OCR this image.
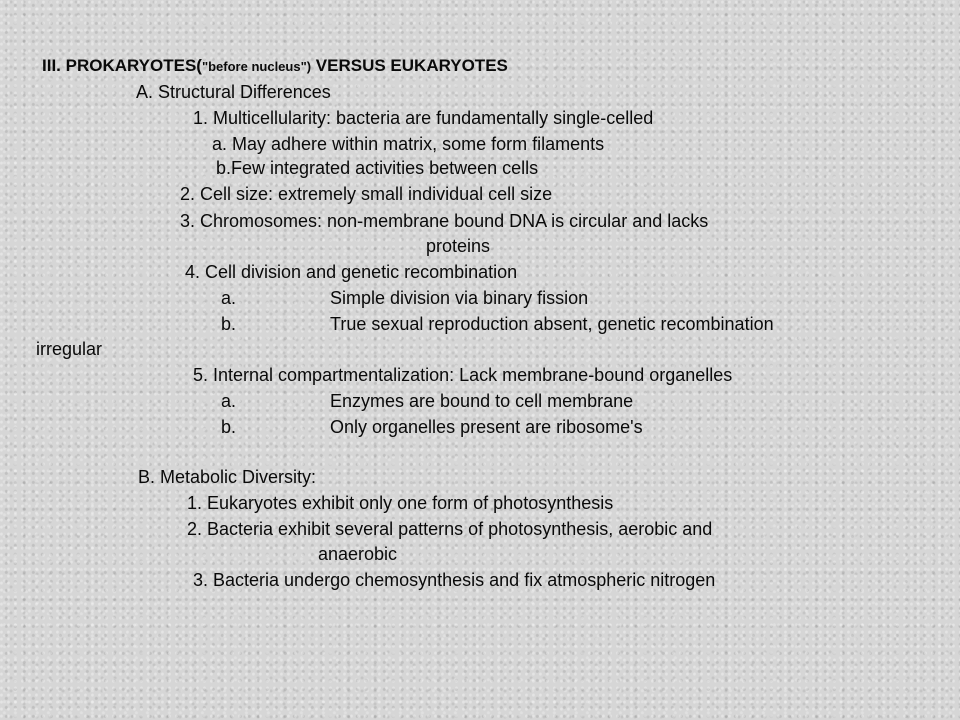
III. PROKARYOTES("before nucleus") VERSUS EUKARYOTES
A. Structural Differences
1. Multicellularity: bacteria are fundamentally single-celled
a. May adhere within matrix, some form filaments
b.Few integrated activities between cells
2. Cell size: extremely small individual cell size
3. Chromosomes: non-membrane bound DNA is circular and lacks
proteins
4. Cell division and genetic recombination
a.	Simple division via binary fission
b.	True sexual reproduction absent, genetic recombination
irregular
5. Internal compartmentalization: Lack membrane-bound organelles
a.	Enzymes are bound to cell membrane
b.	Only organelles present are ribosome's
B. Metabolic Diversity:
1. Eukaryotes exhibit only one form of photosynthesis
2. Bacteria exhibit several patterns of photosynthesis, aerobic and
anaerobic
3. Bacteria undergo chemosynthesis and fix atmospheric nitrogen
